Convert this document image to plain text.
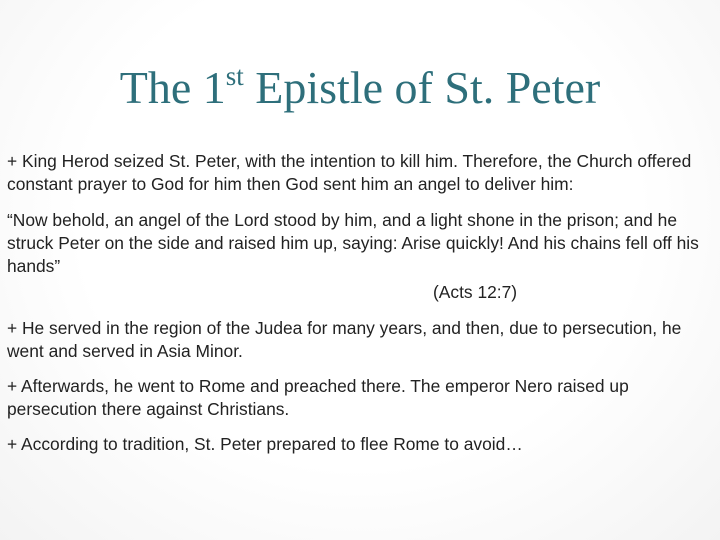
The 1st Epistle of St. Peter

+ King Herod seized St. Peter, with the intention to kill him. Therefore, the Church offered constant prayer to God for him then God sent him an angel to deliver him:

“Now behold, an angel of the Lord stood by him, and a light shone in the prison; and he struck Peter on the side and raised him up, saying: Arise quickly! And his chains fell off his hands”

(Acts 12:7)

+ He served in the region of the Judea for many years, and then, due to persecution, he went and served in Asia Minor.

+ Afterwards, he went to Rome and preached there. The emperor Nero raised up persecution there against Christians.

+ According to tradition, St. Peter prepared to flee Rome to avoid…
